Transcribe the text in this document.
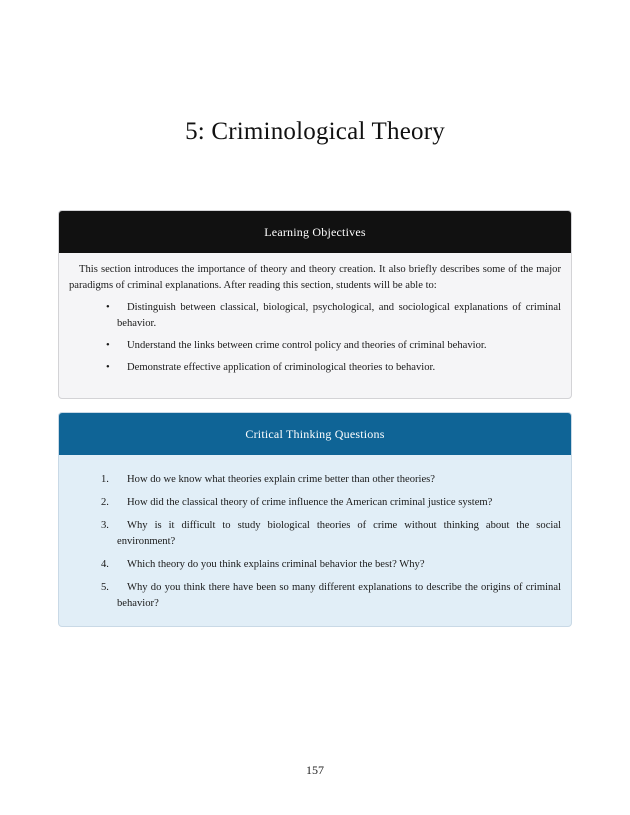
5: Criminological Theory
Learning Objectives

This section introduces the importance of theory and theory creation. It also briefly describes some of the major paradigms of criminal explanations. After reading this section, students will be able to:

• Distinguish between classical, biological, psychological, and sociological explanations of criminal behavior.
• Understand the links between crime control policy and theories of criminal behavior.
• Demonstrate effective application of criminological theories to behavior.
Critical Thinking Questions
1. How do we know what theories explain crime better than other theories?
2. How did the classical theory of crime influence the American criminal justice system?
3. Why is it difficult to study biological theories of crime without thinking about the social environment?
4. Which theory do you think explains criminal behavior the best? Why?
5. Why do you think there have been so many different explanations to describe the origins of criminal behavior?
157
